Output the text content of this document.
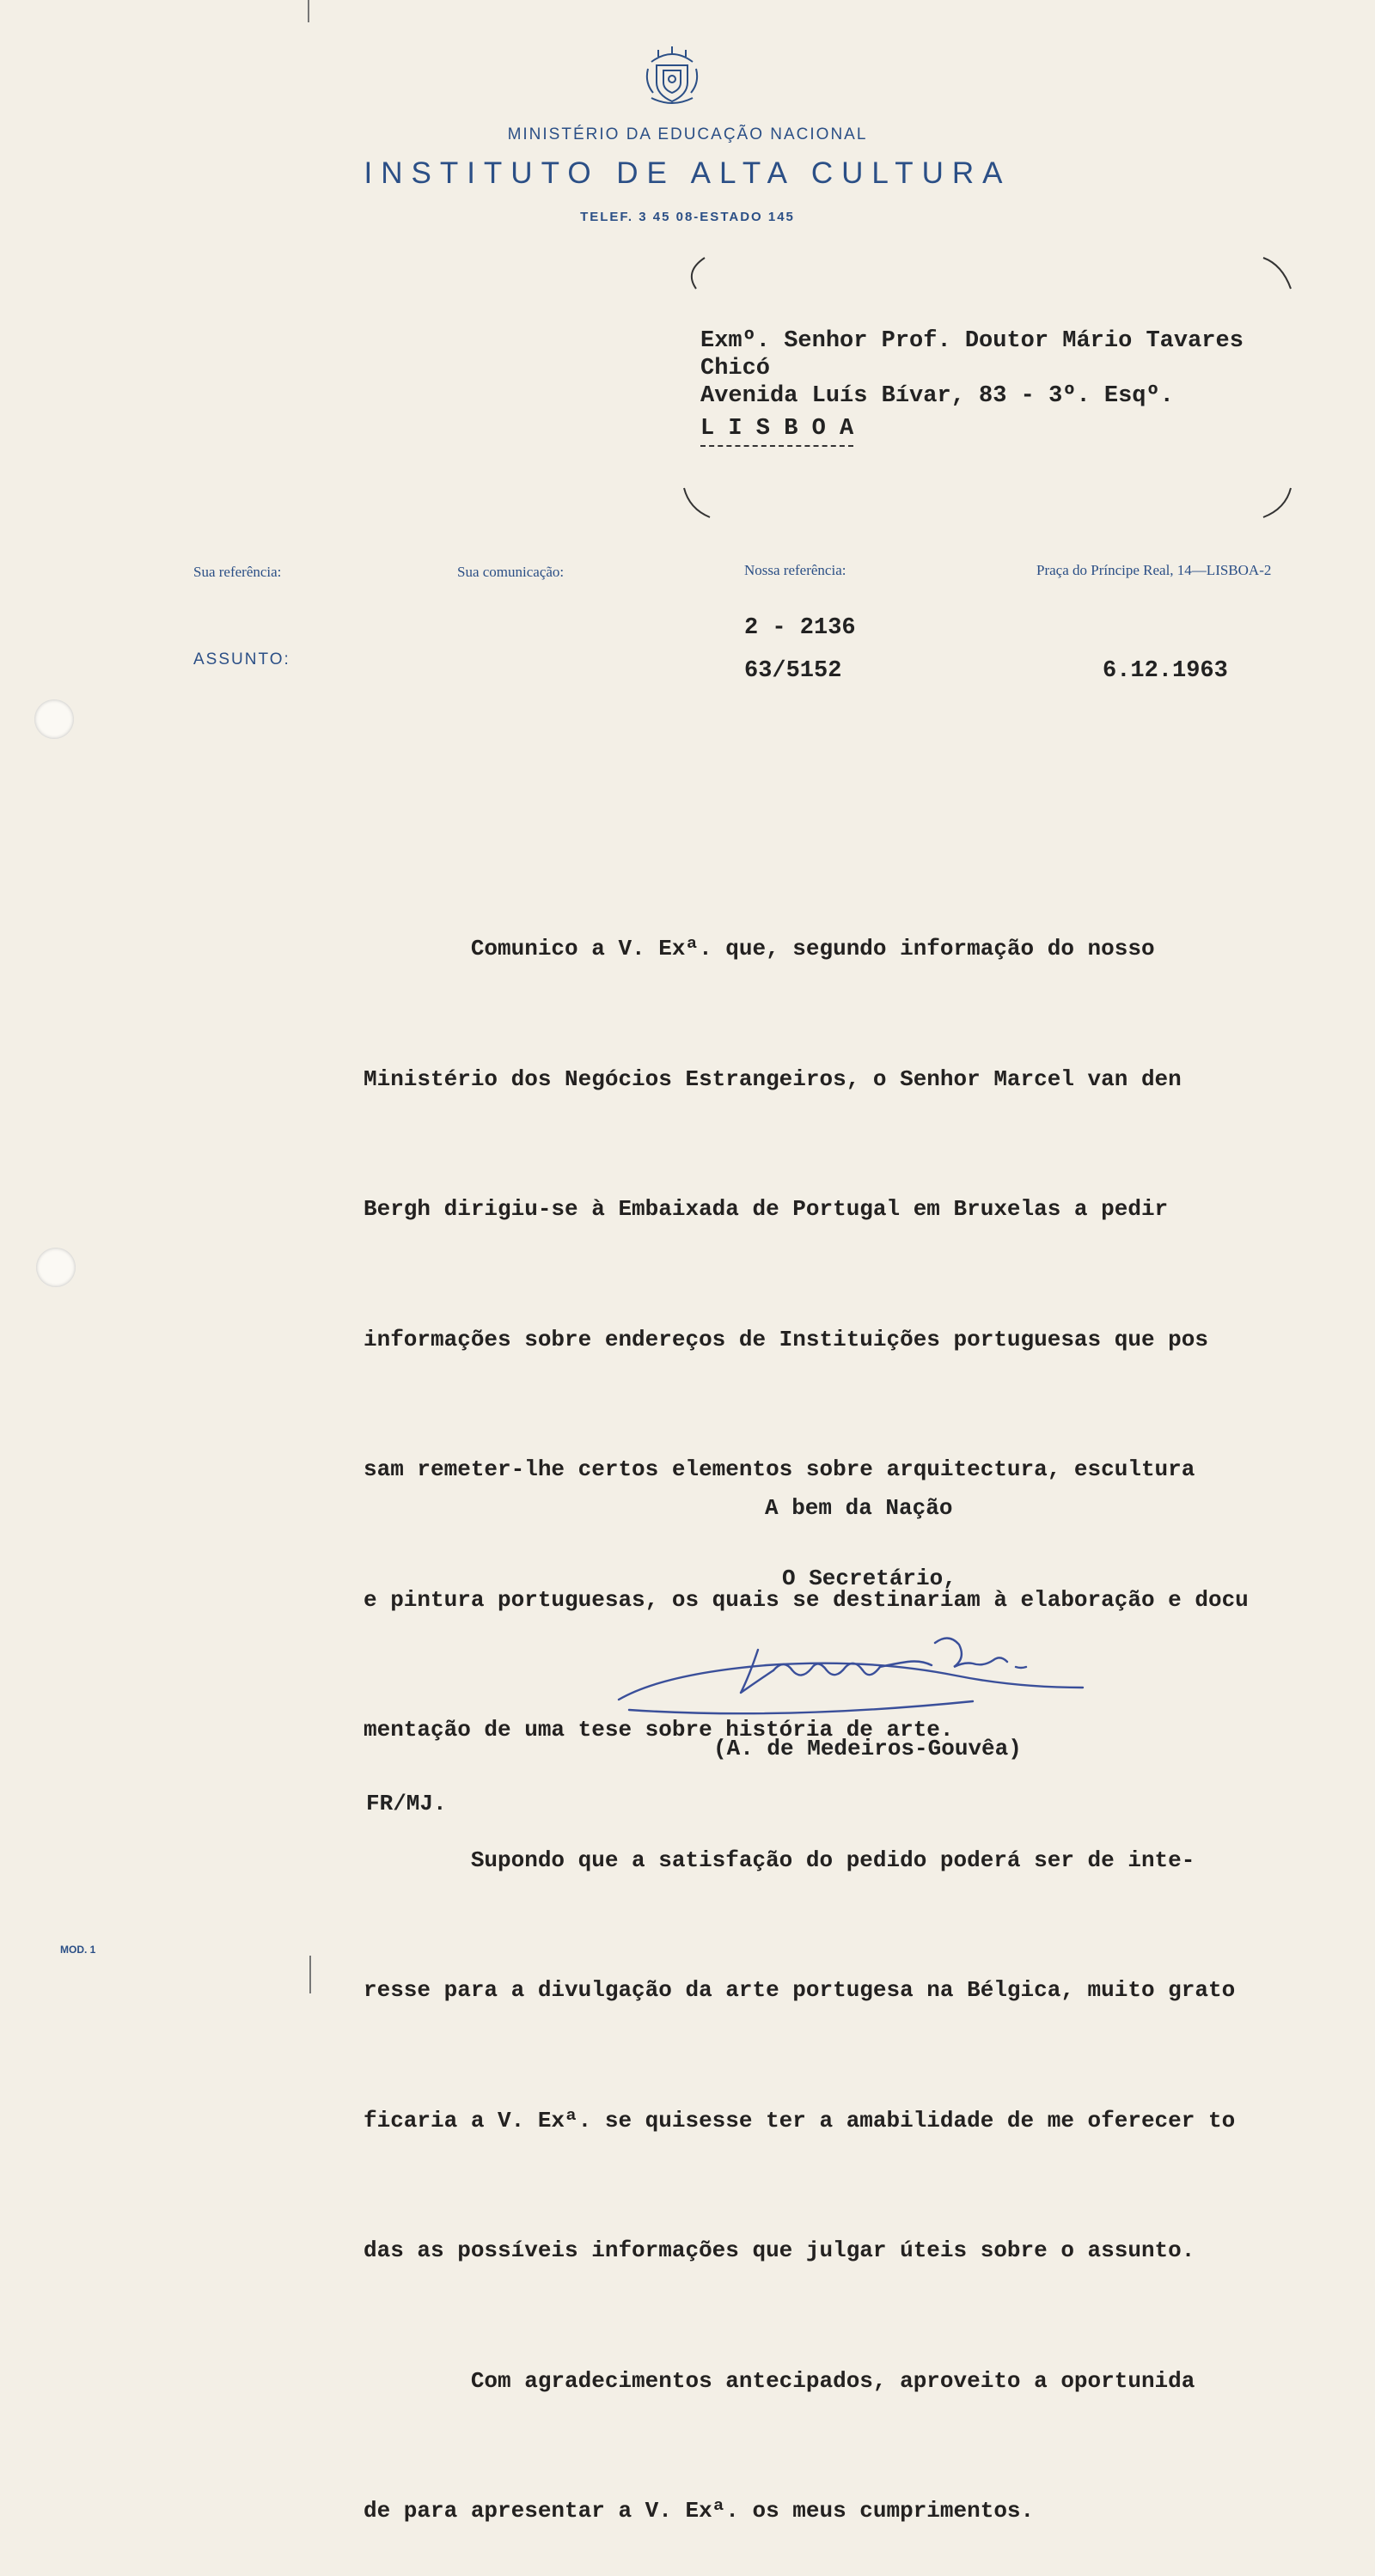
MINISTÉRIO DA EDUCAÇÃO NACIONAL
INSTITUTO DE ALTA CULTURA
TELEF. 3 45 08-ESTADO 145
Exmº. Senhor Prof. Doutor Mário Tavares
Chicó
Avenida Luís Bívar, 83 - 3º. Esqº.
L I S B O A
Sua referência:	Sua comunicação:	Nossa referência:	Praça do Príncipe Real, 14—LISBOA-2
ASSUNTO:
2 - 2136
63/5152	6.12.1963

Comunico a V. Exª. que, segundo informação do nosso

Ministério dos Negócios Estrangeiros, o Senhor Marcel van den

Bergh dirigiu-se à Embaixada de Portugal em Bruxelas a pedir

informações sobre endereços de Instituições portuguesas que pos

sam remeter-lhe certos elementos sobre arquitectura, escultura

e pintura portuguesas, os quais se destinariam à elaboração e docu

mentação de uma tese sobre história de arte.

Supondo que a satisfação do pedido poderá ser de inte-

resse para a divulgação da arte portugesa na Bélgica, muito grato

ficaria a V. Exª. se quisesse ter a amabilidade de me oferecer to

das as possíveis informações que julgar úteis sobre o assunto.

Com agradecimentos antecipados, aproveito a oportunida

de para apresentar a V. Exª. os meus cumprimentos.

A bem da Nação
O Secretário,
(A. de Medeiros-Gouvêa)
FR/MJ.
MOD. 1
